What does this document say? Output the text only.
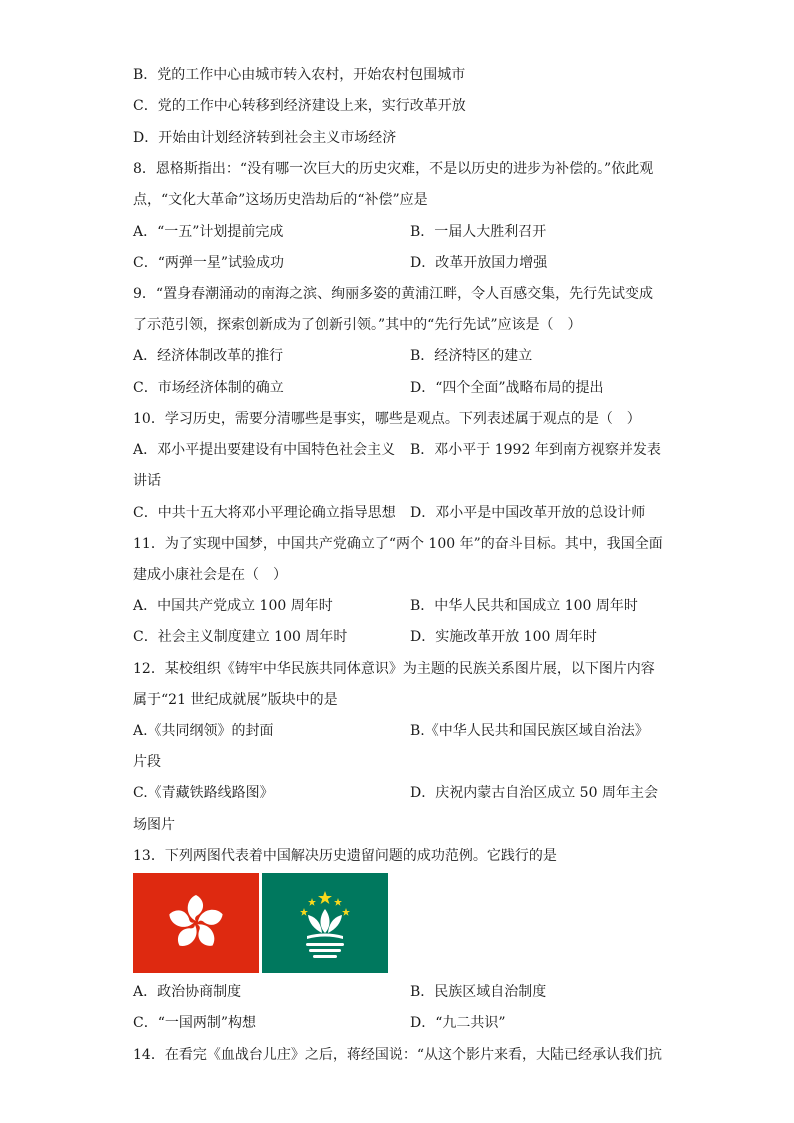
B．党的工作中心由城市转入农村，开始农村包围城市
C．党的工作中心转移到经济建设上来，实行改革开放
D．开始由计划经济转到社会主义市场经济
8．恩格斯指出：“没有哪一次巨大的历史灾难，不是以历史的进步为补偿的。”依此观
点，“文化大革命”这场历史浩劫后的“补偿”应是
A．“一五”计划提前完成	B．一届人大胜利召开
C．“两弹一星”试验成功	D．改革开放国力增强
9．“置身春潮涌动的南海之滨、绚丽多姿的黄浦江畔，令人百感交集，先行先试变成
了示范引领，探索创新成为了创新引领。”其中的“先行先试”应该是（　）
A．经济体制改革的推行	B．经济特区的建立
C．市场经济体制的确立	D．“四个全面”战略布局的提出
10．学习历史，需要分清哪些是事实，哪些是观点。下列表述属于观点的是（　）
A．邓小平提出要建设有中国特色社会主义 B．邓小平于 1992 年到南方视察并发表
讲话
C．中共十五大将邓小平理论确立指导思想 D．邓小平是中国改革开放的总设计师
11．为了实现中国梦，中国共产党确立了“两个 100 年”的奋斗目标。其中，我国全面
建成小康社会是在（　）
A．中国共产党成立 100 周年时	B．中华人民共和国成立 100 周年时
C．社会主义制度建立 100 周年时	D．实施改革开放 100 周年时
12．某校组织《铸牢中华民族共同体意识》为主题的民族关系图片展，以下图片内容
属于“21 世纪成就展”版块中的是
A.《共同纲领》的封面	B.《中华人民共和国民族区域自治法》
片段
C.《青藏铁路线路图》	D．庆祝内蒙古自治区成立 50 周年主会
场图片
13．下列两图代表着中国解决历史遗留问题的成功范例。它践行的是
A．政治协商制度	B．民族区域自治制度
C．“一国两制”构想	D．“九二共识”
14．在看完《血战台儿庄》之后，蒋经国说：“从这个影片来看，大陆已经承认我们抗
